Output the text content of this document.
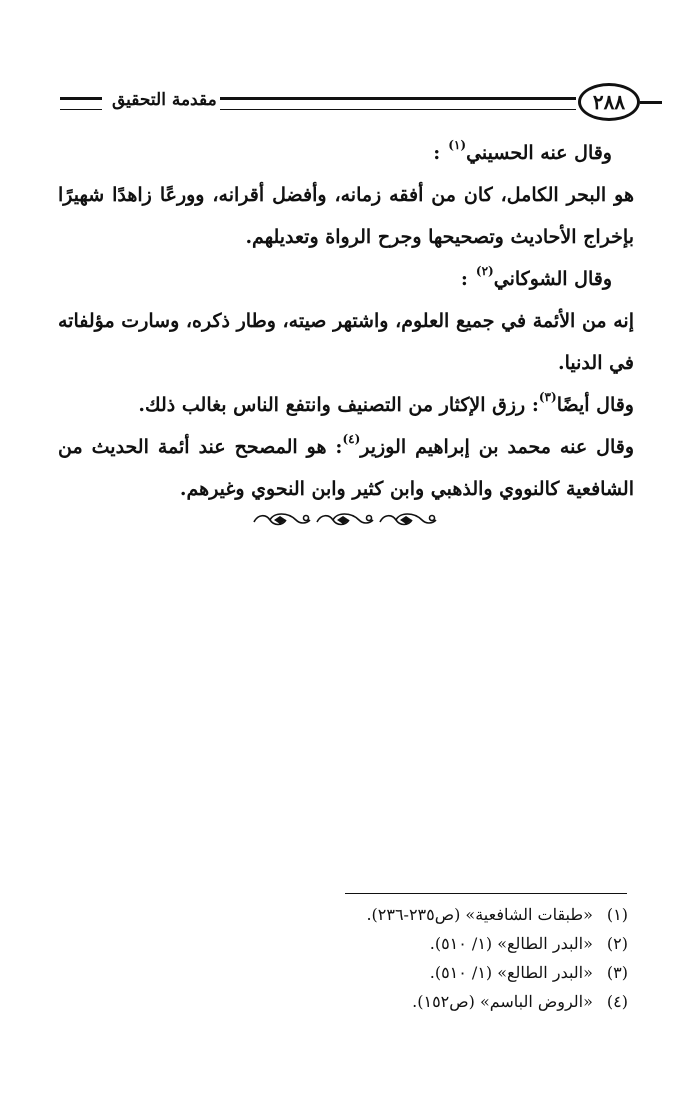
مقدمة التحقيق	٢٨٨

وقال عنه الحسيني$^{(١)}$:

هو البحر الكامل، كان من أفقه زمانه، وأفضل أقرانه، وورعًا زاهدًا شهيرًا بإخراج الأحاديث وتصحيحها وجرح الرواة وتعديلهم.

وقال الشوكاني$^{(٢)}$:

إنه من الأئمة في جميع العلوم، واشتهر صيته، وطار ذكره، وسارت مؤلفاته في الدنيا.

وقال أيضًا$^{(٣)}$: رزق الإكثار من التصنيف وانتفع الناس بغالب ذلك.

وقال عنه محمد بن إبراهيم الوزير$^{(٤)}$: هو المصحح عند أئمة الحديث من الشافعية كالنووي والذهبي وابن كثير وابن النحوي وغيرهم.

(١) «طبقات الشافعية» (ص٢٣٥-٢٣٦).
(٢) «البدر الطالع» (١/ ٥١٠).
(٣) «البدر الطالع» (١/ ٥١٠).
(٤) «الروض الباسم» (ص١٥٢).
